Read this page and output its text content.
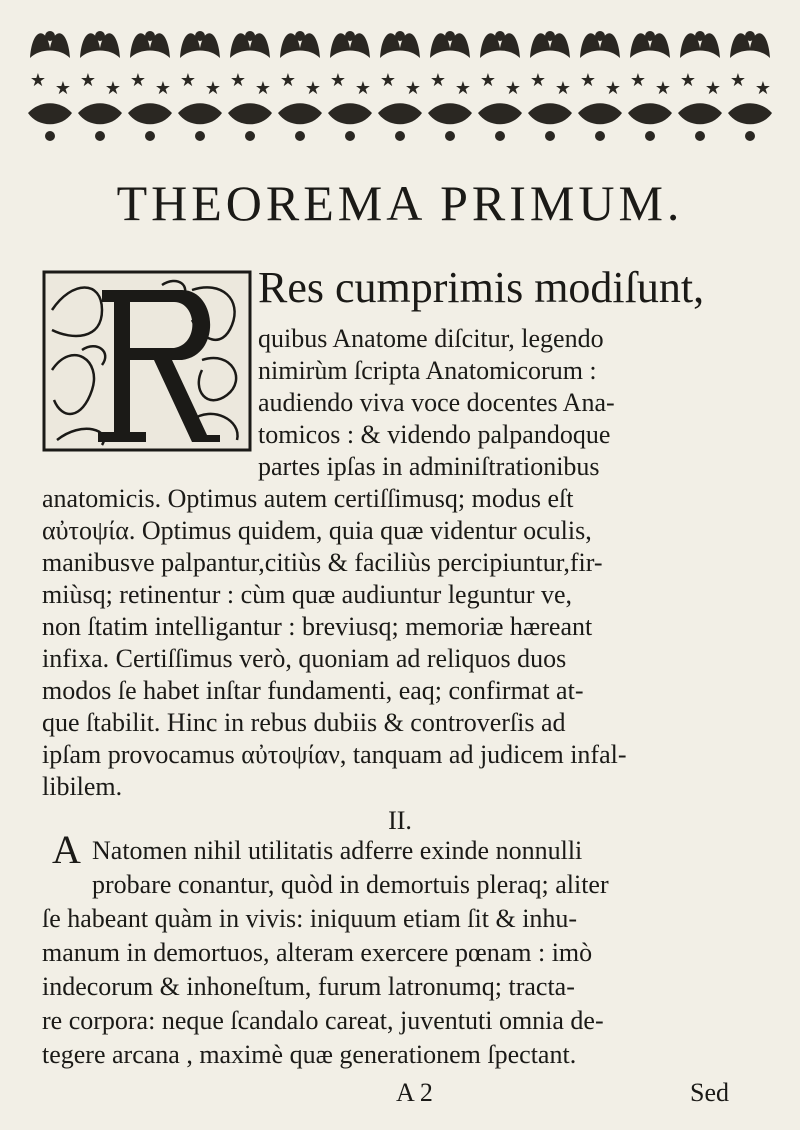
★ ★ ★ ★ ★ ★ ★ ★ ★ ★ ★ ★ ★ ★ ★ ★ ★ ★ ★ ★ ★ ★ ★ ★ ★ ★ ★ ★ ★ ★
THEOREMA PRIMUM.
Res cumprimis modiſunt,
quibus Anatome diſcitur, legendo
nimirùm ſcripta Anatomicorum :
audiendo viva voce docentes Ana-
tomicos : & videndo palpandoque
partes ipſas in adminiſtrationibus
anatomicis. Optimus autem certiſſimusq; modus eſt
αὐτοψία. Optimus quidem, quia quæ videntur oculis,
manibusve palpantur,citiùs & faciliùs percipiuntur,fir-
miùsq; retinentur : cùm quæ audiuntur leguntur ve,
non ſtatim intelligantur : breviusq; memoriæ hæreant
infixa. Certiſſimus verò, quoniam ad reliquos duos
modos ſe habet inſtar fundamenti, eaq; confirmat at-
que ſtabilit. Hinc in rebus dubiis & controverſis ad
ipſam provocamus αὐτοψίαν, tanquam ad judicem infal-
libilem.
II.
A Natomen nihil utilitatis adferre exinde nonnulli
probare conantur, quòd in demortuis pleraq; aliter
ſe habeant quàm in vivis: iniquum etiam ſit & inhu-
manum in demortuos, alteram exercere pœnam : imò
indecorum & inhoneſtum, furum latronumq; tracta-
re corpora: neque ſcandalo careat, juventuti omnia de-
tegere arcana , maximè quæ generationem ſpectant.
A 2	Sed
